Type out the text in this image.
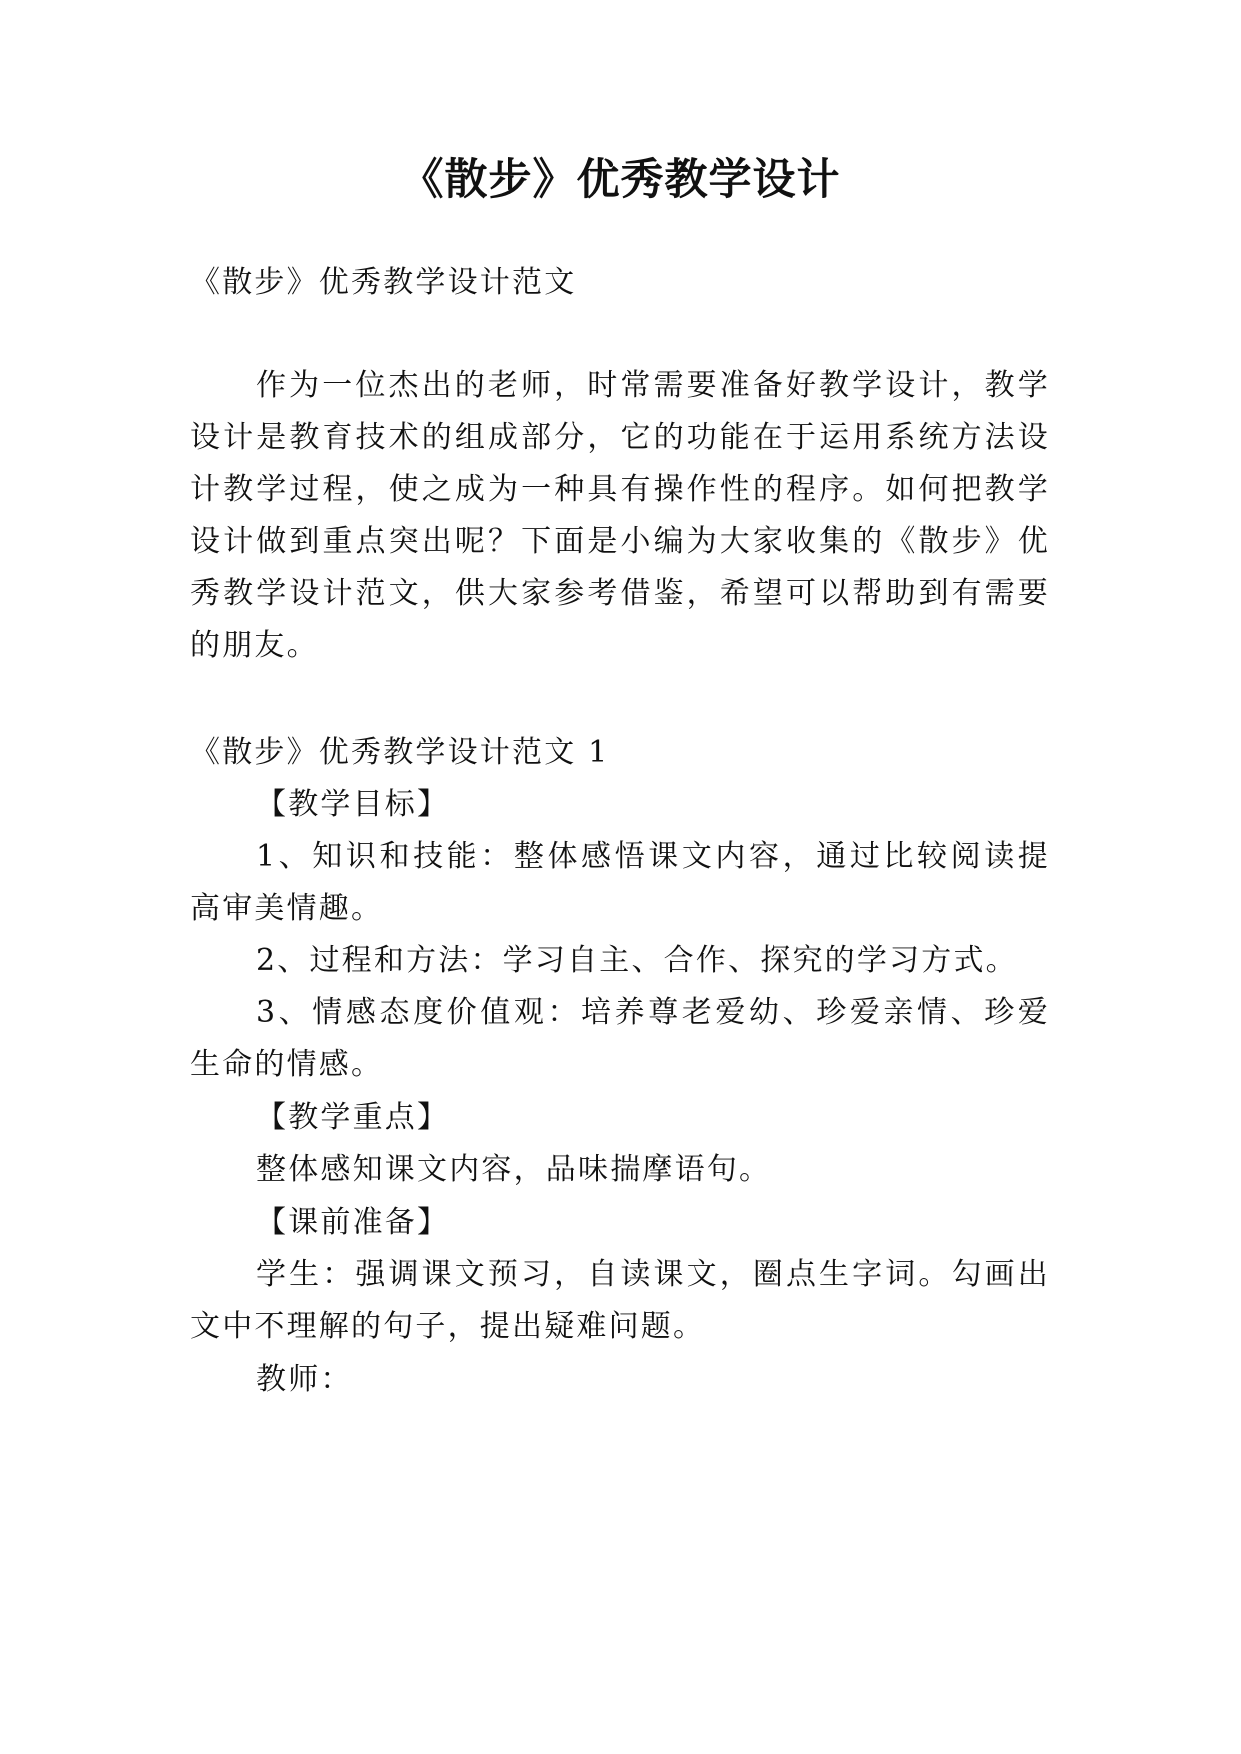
《散步》优秀教学设计

《散步》优秀教学设计范文

作为一位杰出的老师，时常需要准备好教学设计，教学

设计是教育技术的组成部分，它的功能在于运用系统方法设

计教学过程，使之成为一种具有操作性的程序。如何把教学

设计做到重点突出呢？下面是小编为大家收集的《散步》优

秀教学设计范文，供大家参考借鉴，希望可以帮助到有需要

的朋友。

《散步》优秀教学设计范文 1

【教学目标】

1、知识和技能：整体感悟课文内容，通过比较阅读提

高审美情趣。

2、过程和方法：学习自主、合作、探究的学习方式。

3、情感态度价值观：培养尊老爱幼、珍爱亲情、珍爱

生命的情感。

【教学重点】

整体感知课文内容，品味揣摩语句。

【课前准备】

学生：强调课文预习，自读课文，圈点生字词。勾画出

文中不理解的句子，提出疑难问题。

教师：
